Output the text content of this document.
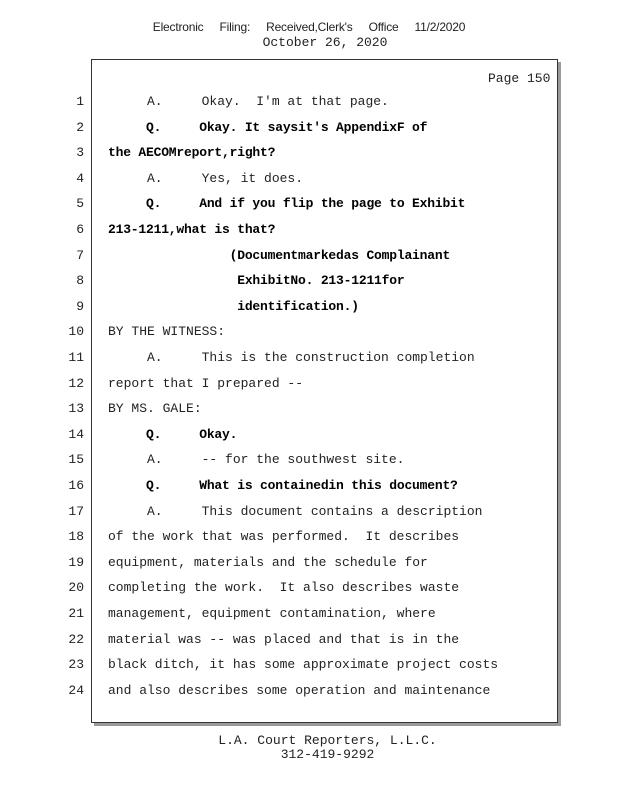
Electronic Filing: Received,Clerk's Office 11/2/2020
October 26, 2020
Page 150
1 A.     Okay.  I'm at that page.
2 Q.     Okay. It saysit's AppendixF of
3 the AECOMreport,right?
4 A.     Yes, it does.
5 Q.     And if you flip the page to Exhibit
6 213-1211,what is that?
7 (Documentmarkedas Complainant
8 ExhibitNo. 213-1211for
9 identification.)
10 BY THE WITNESS:
11 A.     This is the construction completion
12 report that I prepared --
13 BY MS. GALE:
14 Q.     Okay.
15 A.     -- for the southwest site.
16 Q.     What is containedin this document?
17 A.     This document contains a description
18 of the work that was performed.  It describes
19 equipment, materials and the schedule for
20 completing the work.  It also describes waste
21 management, equipment contamination, where
22 material was -- was placed and that is in the
23 black ditch, it has some approximate project costs
24 and also describes some operation and maintenance
L.A. Court Reporters, L.L.C.
312-419-9292
